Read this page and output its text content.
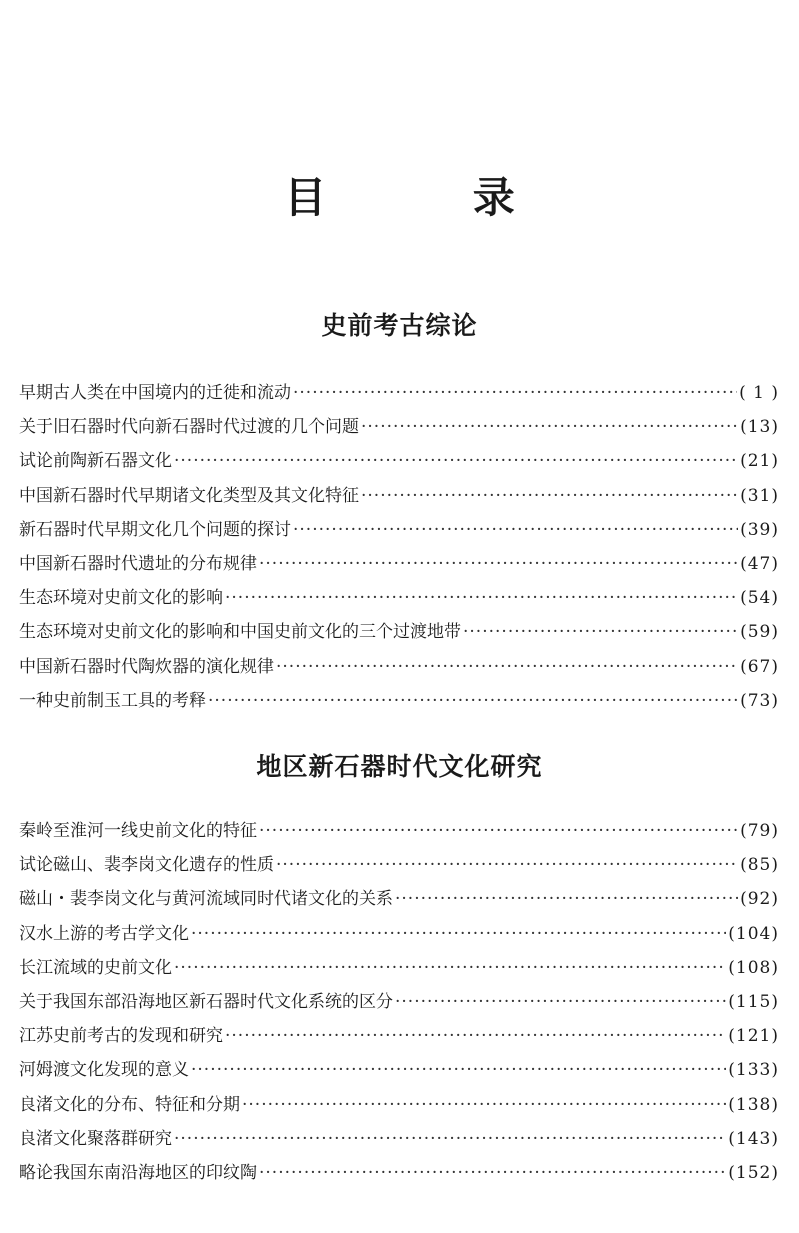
目 录
史前考古综论
早期古人类在中国境内的迁徙和流动 ·····	( 1 )
关于旧石器时代向新石器时代过渡的几个问题 ·····	(13)
试论前陶新石器文化 ·····	(21)
中国新石器时代早期诸文化类型及其文化特征 ·····	(31)
新石器时代早期文化几个问题的探讨 ·····	(39)
中国新石器时代遗址的分布规律 ·····	(47)
生态环境对史前文化的影响 ·····	(54)
生态环境对史前文化的影响和中国史前文化的三个过渡地带 ·····	(59)
中国新石器时代陶炊器的演化规律 ·····	(67)
一种史前制玉工具的考释 ·····	(73)
地区新石器时代文化研究
秦岭至淮河一线史前文化的特征 ·····	(79)
试论磁山、裴李岗文化遗存的性质 ·····	(85)
磁山・裴李岗文化与黄河流域同时代诸文化的关系 ·····	(92)
汉水上游的考古学文化 ·····	(104)
长江流域的史前文化 ·····	(108)
关于我国东部沿海地区新石器时代文化系统的区分 ·····	(115)
江苏史前考古的发现和研究 ·····	(121)
河姆渡文化发现的意义 ·····	(133)
良渚文化的分布、特征和分期 ·····	(138)
良渚文化聚落群研究 ·····	(143)
略论我国东南沿海地区的印纹陶 ·····	(152)
